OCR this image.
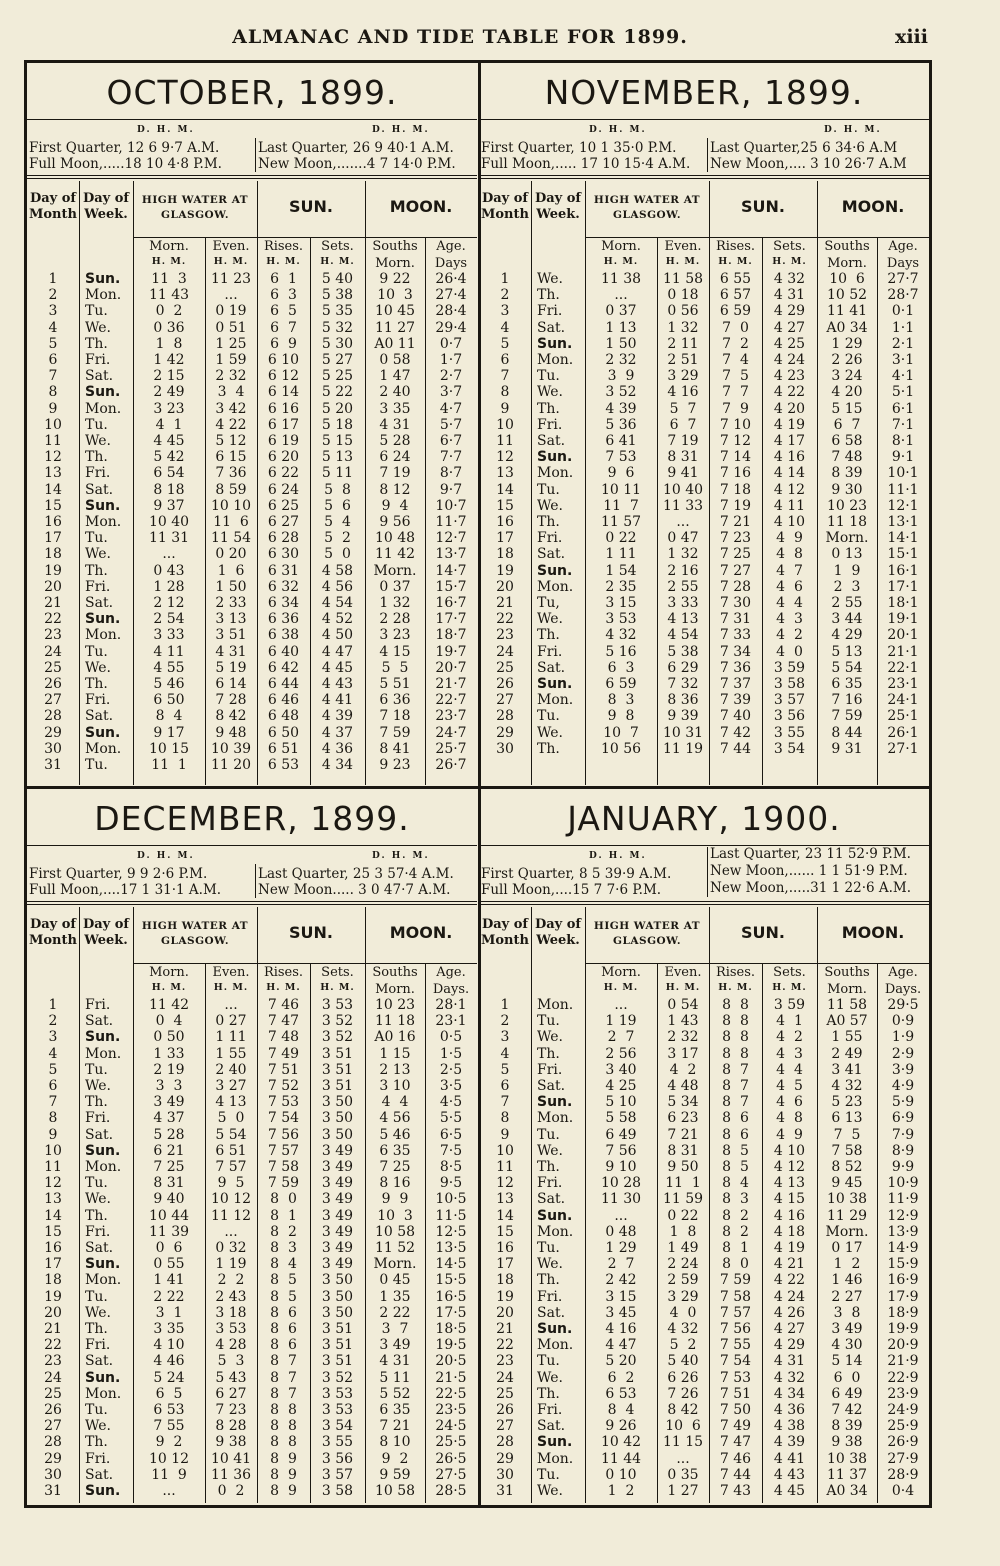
ALMANAC AND TIDE TABLE FOR 1899.	xiii
OCTOBER, 1899.
D. H. M.	D. H. M.
First Quarter, 12 6 9·7 A.M.	Last Quarter, 26 9 40·1 A.M.
Full Moon,.....18 10 4·8 P.M.	New Moon,.......4 7 14·0 P.M.
Day of
Month
Day of
Week.
HIGH WATER AT
GLASGOW.	SUN.	MOON.
Morn.
H. M.
Even.
H. M.
Rises.
H. M.
Sets.
H. M.
Souths
Morn.
Age.
Days
1	Sun.	11  3	11 23	6  1	5 40	9 22	26·4
2	Mon.	11 43	...	6  3	5 38	10  3	27·4
3	Tu.	0  2	0 19	6  5	5 35	10 45	28·4
4	We.	0 36	0 51	6  7	5 32	11 27	29·4
5	Th.	1  8	1 25	6  9	5 30	A0 11	0·7
6	Fri.	1 42	1 59	6 10	5 27	0 58	1·7
7	Sat.	2 15	2 32	6 12	5 25	1 47	2·7
8	Sun.	2 49	3  4	6 14	5 22	2 40	3·7
9	Mon.	3 23	3 42	6 16	5 20	3 35	4·7
10	Tu.	4  1	4 22	6 17	5 18	4 31	5·7
11	We.	4 45	5 12	6 19	5 15	5 28	6·7
12	Th.	5 42	6 15	6 20	5 13	6 24	7·7
13	Fri.	6 54	7 36	6 22	5 11	7 19	8·7
14	Sat.	8 18	8 59	6 24	5  8	8 12	9·7
15	Sun.	9 37	10 10	6 25	5  6	9  4	10·7
16	Mon.	10 40	11  6	6 27	5  4	9 56	11·7
17	Tu.	11 31	11 54	6 28	5  2	10 48	12·7
18	We.	...	0 20	6 30	5  0	11 42	13·7
19	Th.	0 43	1  6	6 31	4 58	Morn.	14·7
20	Fri.	1 28	1 50	6 32	4 56	0 37	15·7
21	Sat.	2 12	2 33	6 34	4 54	1 32	16·7
22	Sun.	2 54	3 13	6 36	4 52	2 28	17·7
23	Mon.	3 33	3 51	6 38	4 50	3 23	18·7
24	Tu.	4 11	4 31	6 40	4 47	4 15	19·7
25	We.	4 55	5 19	6 42	4 45	5  5	20·7
26	Th.	5 46	6 14	6 44	4 43	5 51	21·7
27	Fri.	6 50	7 28	6 46	4 41	6 36	22·7
28	Sat.	8  4	8 42	6 48	4 39	7 18	23·7
29	Sun.	9 17	9 48	6 50	4 37	7 59	24·7
30	Mon.	10 15	10 39	6 51	4 36	8 41	25·7
31	Tu.	11  1	11 20	6 53	4 34	9 23	26·7
NOVEMBER, 1899.
D. H. M.	D. H. M.
First Quarter, 10 1 35·0 P.M. Last Quarter,25 6 34·6 A.M
Full Moon,..... 17 10 15·4 A.M. New Moon,.... 3 10 26·7 A.M
Day of
Month
Day of
Week.
HIGH WATER AT
GLASGOW.	SUN.	MOON.
Morn.
H. M.
Even.
H. M.
Rises.
H. M.
Sets.
H. M.
Souths
Morn.
Age.
Days
1	We.	11 38	11 58	6 55	4 32	10  6	27·7
2	Th.	...	0 18	6 57	4 31	10 52	28·7
3	Fri.	0 37	0 56	6 59	4 29	11 41	0·1
4	Sat.	1 13	1 32	7  0	4 27	A0 34	1·1
5	Sun.	1 50	2 11	7  2	4 25	1 29	2·1
6	Mon.	2 32	2 51	7  4	4 24	2 26	3·1
7	Tu.	3  9	3 29	7  5	4 23	3 24	4·1
8	We.	3 52	4 16	7  7	4 22	4 20	5·1
9	Th.	4 39	5  7	7  9	4 20	5 15	6·1
10	Fri.	5 36	6  7	7 10	4 19	6  7	7·1
11	Sat.	6 41	7 19	7 12	4 17	6 58	8·1
12	Sun.	7 53	8 31	7 14	4 16	7 48	9·1
13	Mon.	9  6	9 41	7 16	4 14	8 39	10·1
14	Tu.	10 11	10 40	7 18	4 12	9 30	11·1
15	We.	11  7	11 33	7 19	4 11	10 23	12·1
16	Th.	11 57	...	7 21	4 10	11 18	13·1
17	Fri.	0 22	0 47	7 23	4  9	Morn.	14·1
18	Sat.	1 11	1 32	7 25	4  8	0 13	15·1
19	Sun.	1 54	2 16	7 27	4  7	1  9	16·1
20	Mon.	2 35	2 55	7 28	4  6	2  3	17·1
21	Tu,	3 15	3 33	7 30	4  4	2 55	18·1
22	We.	3 53	4 13	7 31	4  3	3 44	19·1
23	Th.	4 32	4 54	7 33	4  2	4 29	20·1
24	Fri.	5 16	5 38	7 34	4  0	5 13	21·1
25	Sat.	6  3	6 29	7 36	3 59	5 54	22·1
26	Sun.	6 59	7 32	7 37	3 58	6 35	23·1
27	Mon.	8  3	8 36	7 39	3 57	7 16	24·1
28	Tu.	9  8	9 39	7 40	3 56	7 59	25·1
29	We.	10  7	10 31	7 42	3 55	8 44	26·1
30	Th.	10 56	11 19	7 44	3 54	9 31	27·1
DECEMBER, 1899.
D. H. M.	D. H. M.
First Quarter, 9 9 2·6 P.M.	Last Quarter, 25 3 57·4 A.M.
Full Moon,....17 1 31·1 A.M.	New Moon..... 3 0 47·7 A.M.
Day of
Month
Day of
Week.
HIGH WATER AT
GLASGOW.	SUN.	MOON.
Morn.
H. M.
Even.
H. M.
Rises.
H. M.
Sets.
H. M.
Souths
Morn.
Age.
Days.
1	Fri.	11 42	...	7 46	3 53	10 23	28·1
2	Sat.	0  4	0 27	7 47	3 52	11 18	23·1
3	Sun.	0 50	1 11	7 48	3 52	A0 16	0·5
4	Mon.	1 33	1 55	7 49	3 51	1 15	1·5
5	Tu.	2 19	2 40	7 51	3 51	2 13	2·5
6	We.	3  3	3 27	7 52	3 51	3 10	3·5
7	Th.	3 49	4 13	7 53	3 50	4  4	4·5
8	Fri.	4 37	5  0	7 54	3 50	4 56	5·5
9	Sat.	5 28	5 54	7 56	3 50	5 46	6·5
10	Sun.	6 21	6 51	7 57	3 49	6 35	7·5
11	Mon.	7 25	7 57	7 58	3 49	7 25	8·5
12	Tu.	8 31	9  5	7 59	3 49	8 16	9·5
13	We.	9 40	10 12	8  0	3 49	9  9	10·5
14	Th.	10 44	11 12	8  1	3 49	10  3	11·5
15	Fri.	11 39	...	8  2	3 49	10 58	12·5
16	Sat.	0  6	0 32	8  3	3 49	11 52	13·5
17	Sun.	0 55	1 19	8  4	3 49	Morn.	14·5
18	Mon.	1 41	2  2	8  5	3 50	0 45	15·5
19	Tu.	2 22	2 43	8  5	3 50	1 35	16·5
20	We.	3  1	3 18	8  6	3 50	2 22	17·5
21	Th.	3 35	3 53	8  6	3 51	3  7	18·5
22	Fri.	4 10	4 28	8  6	3 51	3 49	19·5
23	Sat.	4 46	5  3	8  7	3 51	4 31	20·5
24	Sun.	5 24	5 43	8  7	3 52	5 11	21·5
25	Mon.	6  5	6 27	8  7	3 53	5 52	22·5
26	Tu.	6 53	7 23	8  8	3 53	6 35	23·5
27	We.	7 55	8 28	8  8	3 54	7 21	24·5
28	Th.	9  2	9 38	8  8	3 55	8 10	25·5
29	Fri.	10 12	10 41	8  9	3 56	9  2	26·5
30	Sat.	11  9	11 36	8  9	3 57	9 59	27·5
31	Sun.	...	0  2	8  9	3 58	10 58	28·5
JANUARY, 1900.
D. H. M.
First Quarter, 8 5 39·9 A.M.
Last Quarter, 23 11 52·9 P.M.
Full Moon,....15 7 7·6 P.M.
New Moon,...... 1 1 51·9 P.M.
New Moon,.....31 1 22·6 A.M.
Day of
Month
Day of
Week.
HIGH WATER AT
GLASGOW.	SUN.	MOON.
Morn.
H. M.
Even.
H. M.
Rises.
H. M.
Sets.
H. M.
Souths
Morn.
Age.
Days.
1	Mon.	...	0 54	8  8	3 59	11 58	29·5
2	Tu.	1 19	1 43	8  8	4  1	A0 57	0·9
3	We.	2  7	2 32	8  8	4  2	1 55	1·9
4	Th.	2 56	3 17	8  8	4  3	2 49	2·9
5	Fri.	3 40	4  2	8  7	4  4	3 41	3·9
6	Sat.	4 25	4 48	8  7	4  5	4 32	4·9
7	Sun.	5 10	5 34	8  7	4  6	5 23	5·9
8	Mon.	5 58	6 23	8  6	4  8	6 13	6·9
9	Tu.	6 49	7 21	8  6	4  9	7  5	7·9
10	We.	7 56	8 31	8  5	4 10	7 58	8·9
11	Th.	9 10	9 50	8  5	4 12	8 52	9·9
12	Fri.	10 28	11  1	8  4	4 13	9 45	10·9
13	Sat.	11 30	11 59	8  3	4 15	10 38	11·9
14	Sun.	...	0 22	8  2	4 16	11 29	12·9
15	Mon.	0 48	1  8	8  2	4 18	Morn.	13·9
16	Tu.	1 29	1 49	8  1	4 19	0 17	14·9
17	We.	2  7	2 24	8  0	4 21	1  2	15·9
18	Th.	2 42	2 59	7 59	4 22	1 46	16·9
19	Fri.	3 15	3 29	7 58	4 24	2 27	17·9
20	Sat.	3 45	4  0	7 57	4 26	3  8	18·9
21	Sun.	4 16	4 32	7 56	4 27	3 49	19·9
22	Mon.	4 47	5  2	7 55	4 29	4 30	20·9
23	Tu.	5 20	5 40	7 54	4 31	5 14	21·9
24	We.	6  2	6 26	7 53	4 32	6  0	22·9
25	Th.	6 53	7 26	7 51	4 34	6 49	23·9
26	Fri.	8  4	8 42	7 50	4 36	7 42	24·9
27	Sat.	9 26	10  6	7 49	4 38	8 39	25·9
28	Sun.	10 42	11 15	7 47	4 39	9 38	26·9
29	Mon.	11 44	...	7 46	4 41	10 38	27·9
30	Tu.	0 10	0 35	7 44	4 43	11 37	28·9
31	We.	1  2	1 27	7 43	4 45	A0 34	0·4
